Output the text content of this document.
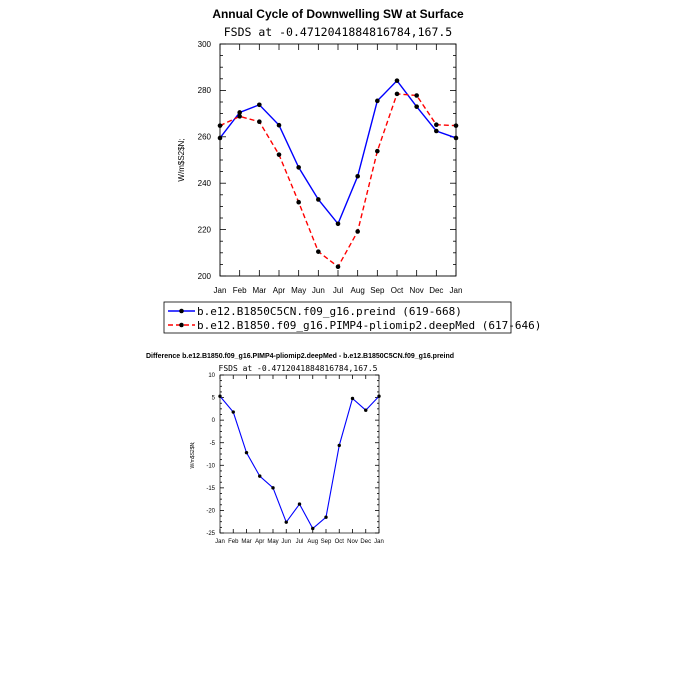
Annual Cycle of Downwelling SW at Surface
FSDS at -0.4712041884816784,167.5
W/m$S2$N;
Jan Feb Mar Apr May Jun Jul Aug Sep Oct Nov Dec Jan
200
220
240
260
280
300
b.e12.B1850C5CN.f09_g16.preind (619-668)
b.e12.B1850.f09_g16.PIMP4-pliomip2.deepMed (617-646)
Difference b.e12.B1850.f09_g16.PIMP4-pliomip2.deepMed - b.e12.B1850C5CN.f09_g16.preind
FSDS at -0.4712041884816784,167.5
W/m$S2$N;
Jan Feb Mar Apr May Jun Jul Aug Sep Oct Nov Dec Jan
-25
-20
-15
-10
-5
0
5
10
